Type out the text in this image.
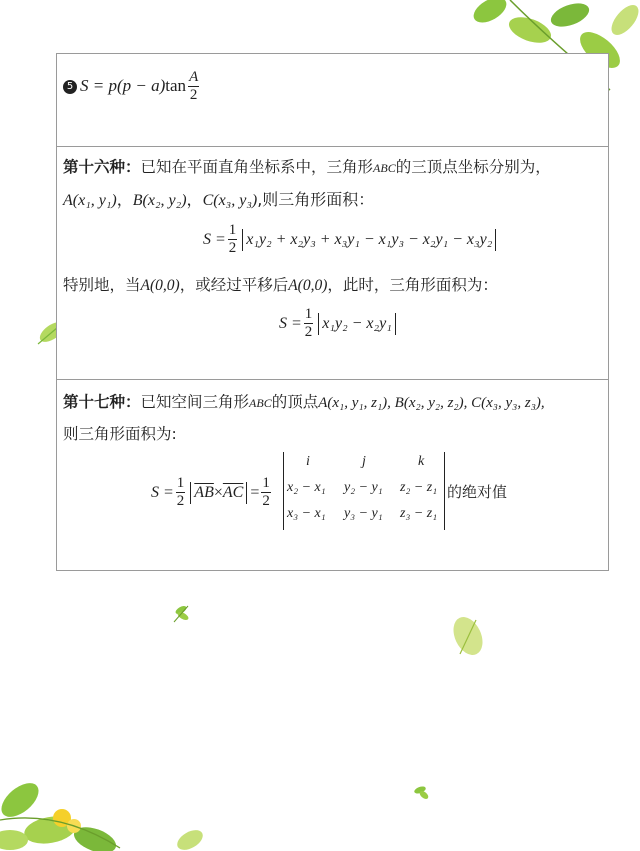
5 $S = p(p - a)\tan \frac{A}{2}$
第十六种：已知在平面直角坐标系中，三角形ABC的三顶点坐标分别为，
A(x₁, y₁)，B(x₂, y₂)，C(x₃, y₃),则三角形面积：
$S = \frac{1}{2} x_1y_2 + x_2y_3 + x_3y_1 - x_1y_3 - x_2y_1 - x_3y_2$
特别地，当A(0,0)，或经过平移后A(0,0)，此时，三角形面积为：
$S = \frac{1}{2} x_1y_2 - x_2y_1$
第十七种：已知空间三角形ABC的顶点A(x₁, y₁, z₁), B(x₂, y₂, z₂), C(x₃, y₃, z₃),
则三角形面积为:
$S = \frac{1}{2} \overline{AB}\times\overline{AC} = \frac{1}{2}$
i	j	k
x₂ − x₁ y₂ − y₁ z₂ − z₁
x₃ − x₁ y₃ − y₁ z₃ − z₁
的绝对值
